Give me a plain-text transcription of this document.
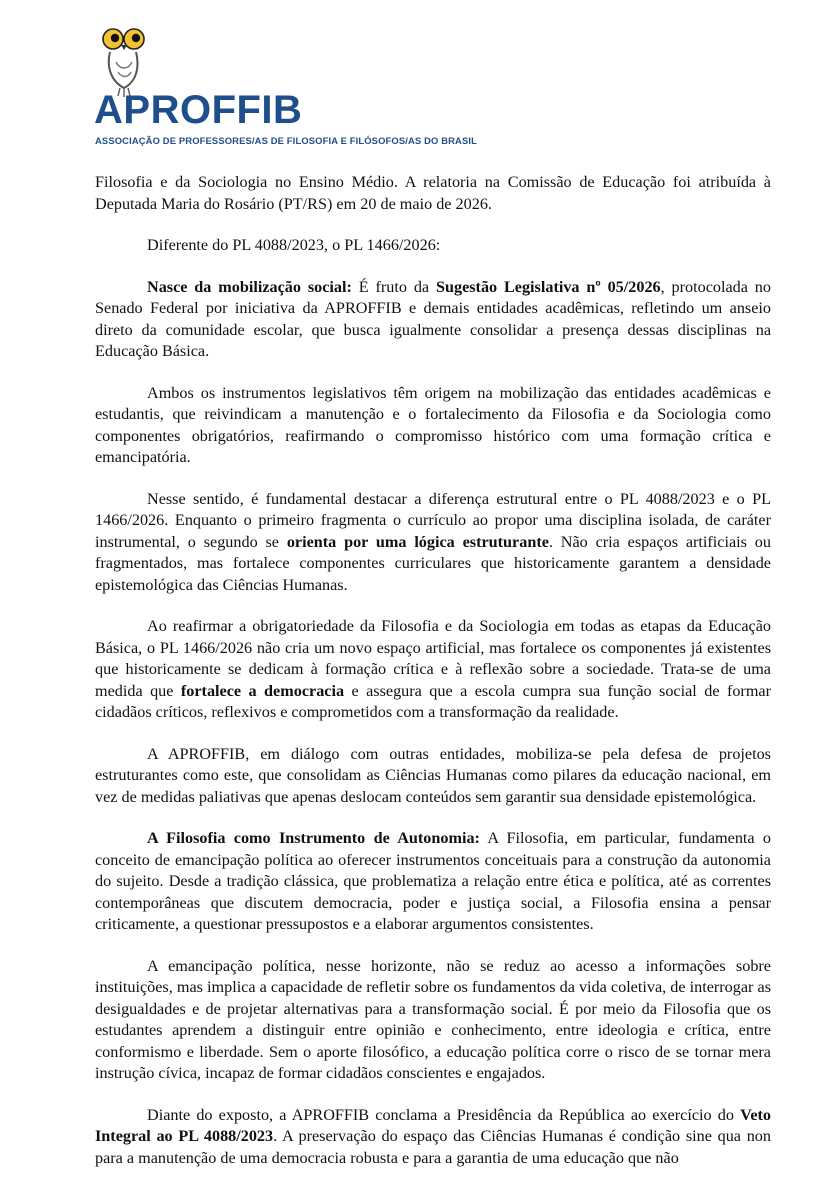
APROFFIB
ASSOCIAÇÃO DE PROFESSORES/AS DE FILOSOFIA E FILÓSOFOS/AS DO BRASIL

Filosofia e da Sociologia no Ensino Médio. A relatoria na Comissão de Educação foi atribuída à Deputada Maria do Rosário (PT/RS) em 20 de maio de 2026.

Diferente do PL 4088/2023, o PL 1466/2026:

Nasce da mobilização social: É fruto da Sugestão Legislativa nº 05/2026, protocolada no Senado Federal por iniciativa da APROFFIB e demais entidades acadêmicas, refletindo um anseio direto da comunidade escolar, que busca igualmente consolidar a presença dessas disciplinas na Educação Básica.

Ambos os instrumentos legislativos têm origem na mobilização das entidades acadêmicas e estudantis, que reivindicam a manutenção e o fortalecimento da Filosofia e da Sociologia como componentes obrigatórios, reafirmando o compromisso histórico com uma formação crítica e emancipatória.

Nesse sentido, é fundamental destacar a diferença estrutural entre o PL 4088/2023 e o PL 1466/2026. Enquanto o primeiro fragmenta o currículo ao propor uma disciplina isolada, de caráter instrumental, o segundo se orienta por uma lógica estruturante. Não cria espaços artificiais ou fragmentados, mas fortalece componentes curriculares que historicamente garantem a densidade epistemológica das Ciências Humanas.

Ao reafirmar a obrigatoriedade da Filosofia e da Sociologia em todas as etapas da Educação Básica, o PL 1466/2026 não cria um novo espaço artificial, mas fortalece os componentes já existentes que historicamente se dedicam à formação crítica e à reflexão sobre a sociedade. Trata-se de uma medida que fortalece a democracia e assegura que a escola cumpra sua função social de formar cidadãos críticos, reflexivos e comprometidos com a transformação da realidade.

A APROFFIB, em diálogo com outras entidades, mobiliza-se pela defesa de projetos estruturantes como este, que consolidam as Ciências Humanas como pilares da educação nacional, em vez de medidas paliativas que apenas deslocam conteúdos sem garantir sua densidade epistemológica.

A Filosofia como Instrumento de Autonomia: A Filosofia, em particular, fundamenta o conceito de emancipação política ao oferecer instrumentos conceituais para a construção da autonomia do sujeito. Desde a tradição clássica, que problematiza a relação entre ética e política, até as correntes contemporâneas que discutem democracia, poder e justiça social, a Filosofia ensina a pensar criticamente, a questionar pressupostos e a elaborar argumentos consistentes.

A emancipação política, nesse horizonte, não se reduz ao acesso a informações sobre instituições, mas implica a capacidade de refletir sobre os fundamentos da vida coletiva, de interrogar as desigualdades e de projetar alternativas para a transformação social. É por meio da Filosofia que os estudantes aprendem a distinguir entre opinião e conhecimento, entre ideologia e crítica, entre conformismo e liberdade. Sem o aporte filosófico, a educação política corre o risco de se tornar mera instrução cívica, incapaz de formar cidadãos conscientes e engajados.

Diante do exposto, a APROFFIB conclama a Presidência da República ao exercício do Veto Integral ao PL 4088/2023. A preservação do espaço das Ciências Humanas é condição sine qua non para a manutenção de uma democracia robusta e para a garantia de uma educação que não
